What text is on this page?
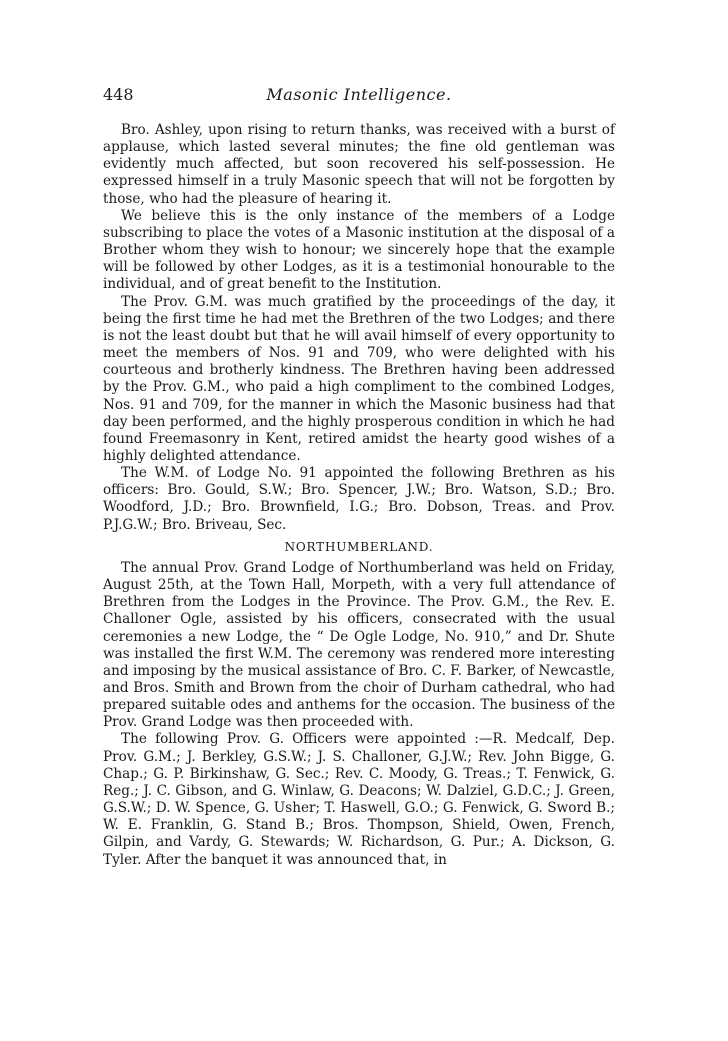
448	Masonic Intelligence.

Bro. Ashley, upon rising to return thanks, was received with a burst of applause, which lasted several minutes; the fine old gentleman was evidently much affected, but soon recovered his self-possession. He expressed himself in a truly Masonic speech that will not be forgotten by those, who had the pleasure of hearing it.

We believe this is the only instance of the members of a Lodge subscribing to place the votes of a Masonic institution at the disposal of a Brother whom they wish to honour; we sincerely hope that the example will be followed by other Lodges, as it is a testimonial honourable to the individual, and of great benefit to the Institution.

The Prov. G.M. was much gratified by the proceedings of the day, it being the first time he had met the Brethren of the two Lodges; and there is not the least doubt but that he will avail himself of every opportunity to meet the members of Nos. 91 and 709, who were delighted with his courteous and brotherly kindness. The Brethren having been addressed by the Prov. G.M., who paid a high compliment to the combined Lodges, Nos. 91 and 709, for the manner in which the Masonic business had that day been performed, and the highly prosperous condition in which he had found Freemasonry in Kent, retired amidst the hearty good wishes of a highly delighted attendance.

The W.M. of Lodge No. 91 appointed the following Brethren as his officers: Bro. Gould, S.W.; Bro. Spencer, J.W.; Bro. Watson, S.D.; Bro. Woodford, J.D.; Bro. Brownfield, I.G.; Bro. Dobson, Treas. and Prov. P.J.G.W.; Bro. Briveau, Sec.

NORTHUMBERLAND.

The annual Prov. Grand Lodge of Northumberland was held on Friday, August 25th, at the Town Hall, Morpeth, with a very full attendance of Brethren from the Lodges in the Province. The Prov. G.M., the Rev. E. Challoner Ogle, assisted by his officers, consecrated with the usual ceremonies a new Lodge, the “ De Ogle Lodge, No. 910,” and Dr. Shute was installed the first W.M. The ceremony was rendered more interesting and imposing by the musical assistance of Bro. C. F. Barker, of Newcastle, and Bros. Smith and Brown from the choir of Durham cathedral, who had prepared suitable odes and anthems for the occasion. The business of the Prov. Grand Lodge was then proceeded with.

The following Prov. G. Officers were appointed :—R. Medcalf, Dep. Prov. G.M.; J. Berkley, G.S.W.; J. S. Challoner, G.J.W.; Rev. John Bigge, G. Chap.; G. P. Birkinshaw, G. Sec.; Rev. C. Moody, G. Treas.; T. Fenwick, G. Reg.; J. C. Gibson, and G. Winlaw, G. Deacons; W. Dalziel, G.D.C.; J. Green, G.S.W.; D. W. Spence, G. Usher; T. Haswell, G.O.; G. Fenwick, G. Sword B.; W. E. Franklin, G. Stand B.; Bros. Thompson, Shield, Owen, French, Gilpin, and Vardy, G. Stewards; W. Richardson, G. Pur.; A. Dickson, G. Tyler. After the banquet it was announced that, in
